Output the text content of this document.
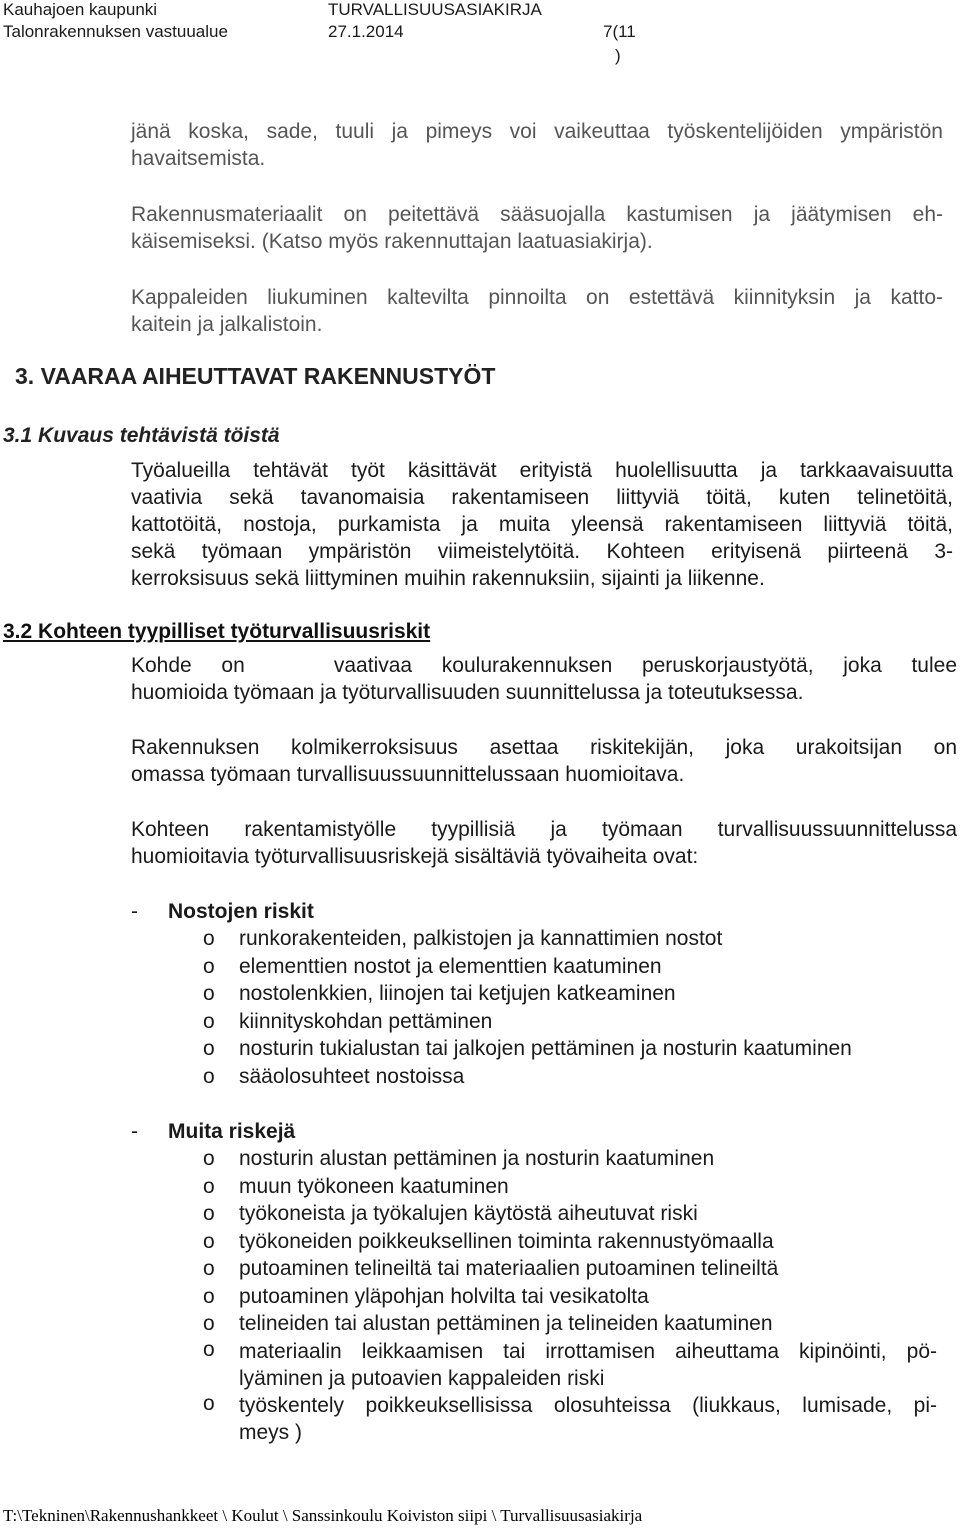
Kauhajoen kaupunki
Talonrakennuksen vastuualue
TURVALLISUUSASIAKIRJA
27.1.2014	7(11
)
jänä koska, sade, tuuli ja pimeys voi vaikeuttaa työskentelijöiden ympäristön
havaitsemista.
Rakennusmateriaalit on peitettävä sääsuojalla kastumisen ja jäätymisen eh-
käisemiseksi. (Katso myös rakennuttajan laatuasiakirja).
Kappaleiden liukuminen kaltevilta pinnoilta on estettävä kiinnityksin ja katto-
kaitein ja jalkalistoin.
3. VAARAA AIHEUTTAVAT RAKENNUSTYÖT
3.1 Kuvaus tehtävistä töistä
Työalueilla tehtävät työt käsittävät erityistä huolellisuutta ja tarkkaavaisuutta
vaativia sekä tavanomaisia rakentamiseen liittyviä töitä, kuten telinetöitä,
kattotöitä, nostoja, purkamista ja muita yleensä rakentamiseen liittyviä töitä,
sekä työmaan ympäristön viimeistelytöitä. Kohteen erityisenä piirteenä 3-
kerroksisuus sekä liittyminen muihin rakennuksiin, sijainti ja liikenne.
3.2 Kohteen tyypilliset työturvallisuusriskit
Kohde on   vaativaa koulurakennuksen peruskorjaustyötä, joka tulee
huomioida työmaan ja työturvallisuuden suunnittelussa ja toteutuksessa.
Rakennuksen kolmikerroksisuus asettaa riskitekijän, joka urakoitsijan on
omassa työmaan turvallisuussuunnittelussaan huomioitava.
Kohteen rakentamistyölle tyypillisiä ja työmaan turvallisuussuunnittelussa
huomioitavia työturvallisuusriskejä sisältäviä työvaiheita ovat:
- Nostojen riskit
o runkorakenteiden, palkistojen ja kannattimien nostot
o elementtien nostot ja elementtien kaatuminen
o nostolenkkien, liinojen tai ketjujen katkeaminen
o kiinnityskohdan pettäminen
o nosturin tukialustan tai jalkojen pettäminen ja nosturin kaatuminen
o sääolosuhteet nostoissa
- Muita riskejä
o nosturin alustan pettäminen ja nosturin kaatuminen
o muun työkoneen kaatuminen
o työkoneista ja työkalujen käytöstä aiheutuvat riski
o työkoneiden poikkeuksellinen toiminta rakennustyömaalla
o putoaminen telineiltä tai materiaalien putoaminen telineiltä
o putoaminen yläpohjan holvilta tai vesikatolta
o telineiden tai alustan pettäminen ja telineiden kaatuminen
o materiaalin leikkaamisen tai irrottamisen aiheuttama kipinöinti, pö-
lyäminen ja putoavien kappaleiden riski
o työskentely poikkeuksellisissa olosuhteissa (liukkaus, lumisade, pi-
meys )
T:\Tekninen\Rakennushankkeet \ Koulut \ Sanssinkoulu Koiviston siipi \ Turvallisuusasiakirja
